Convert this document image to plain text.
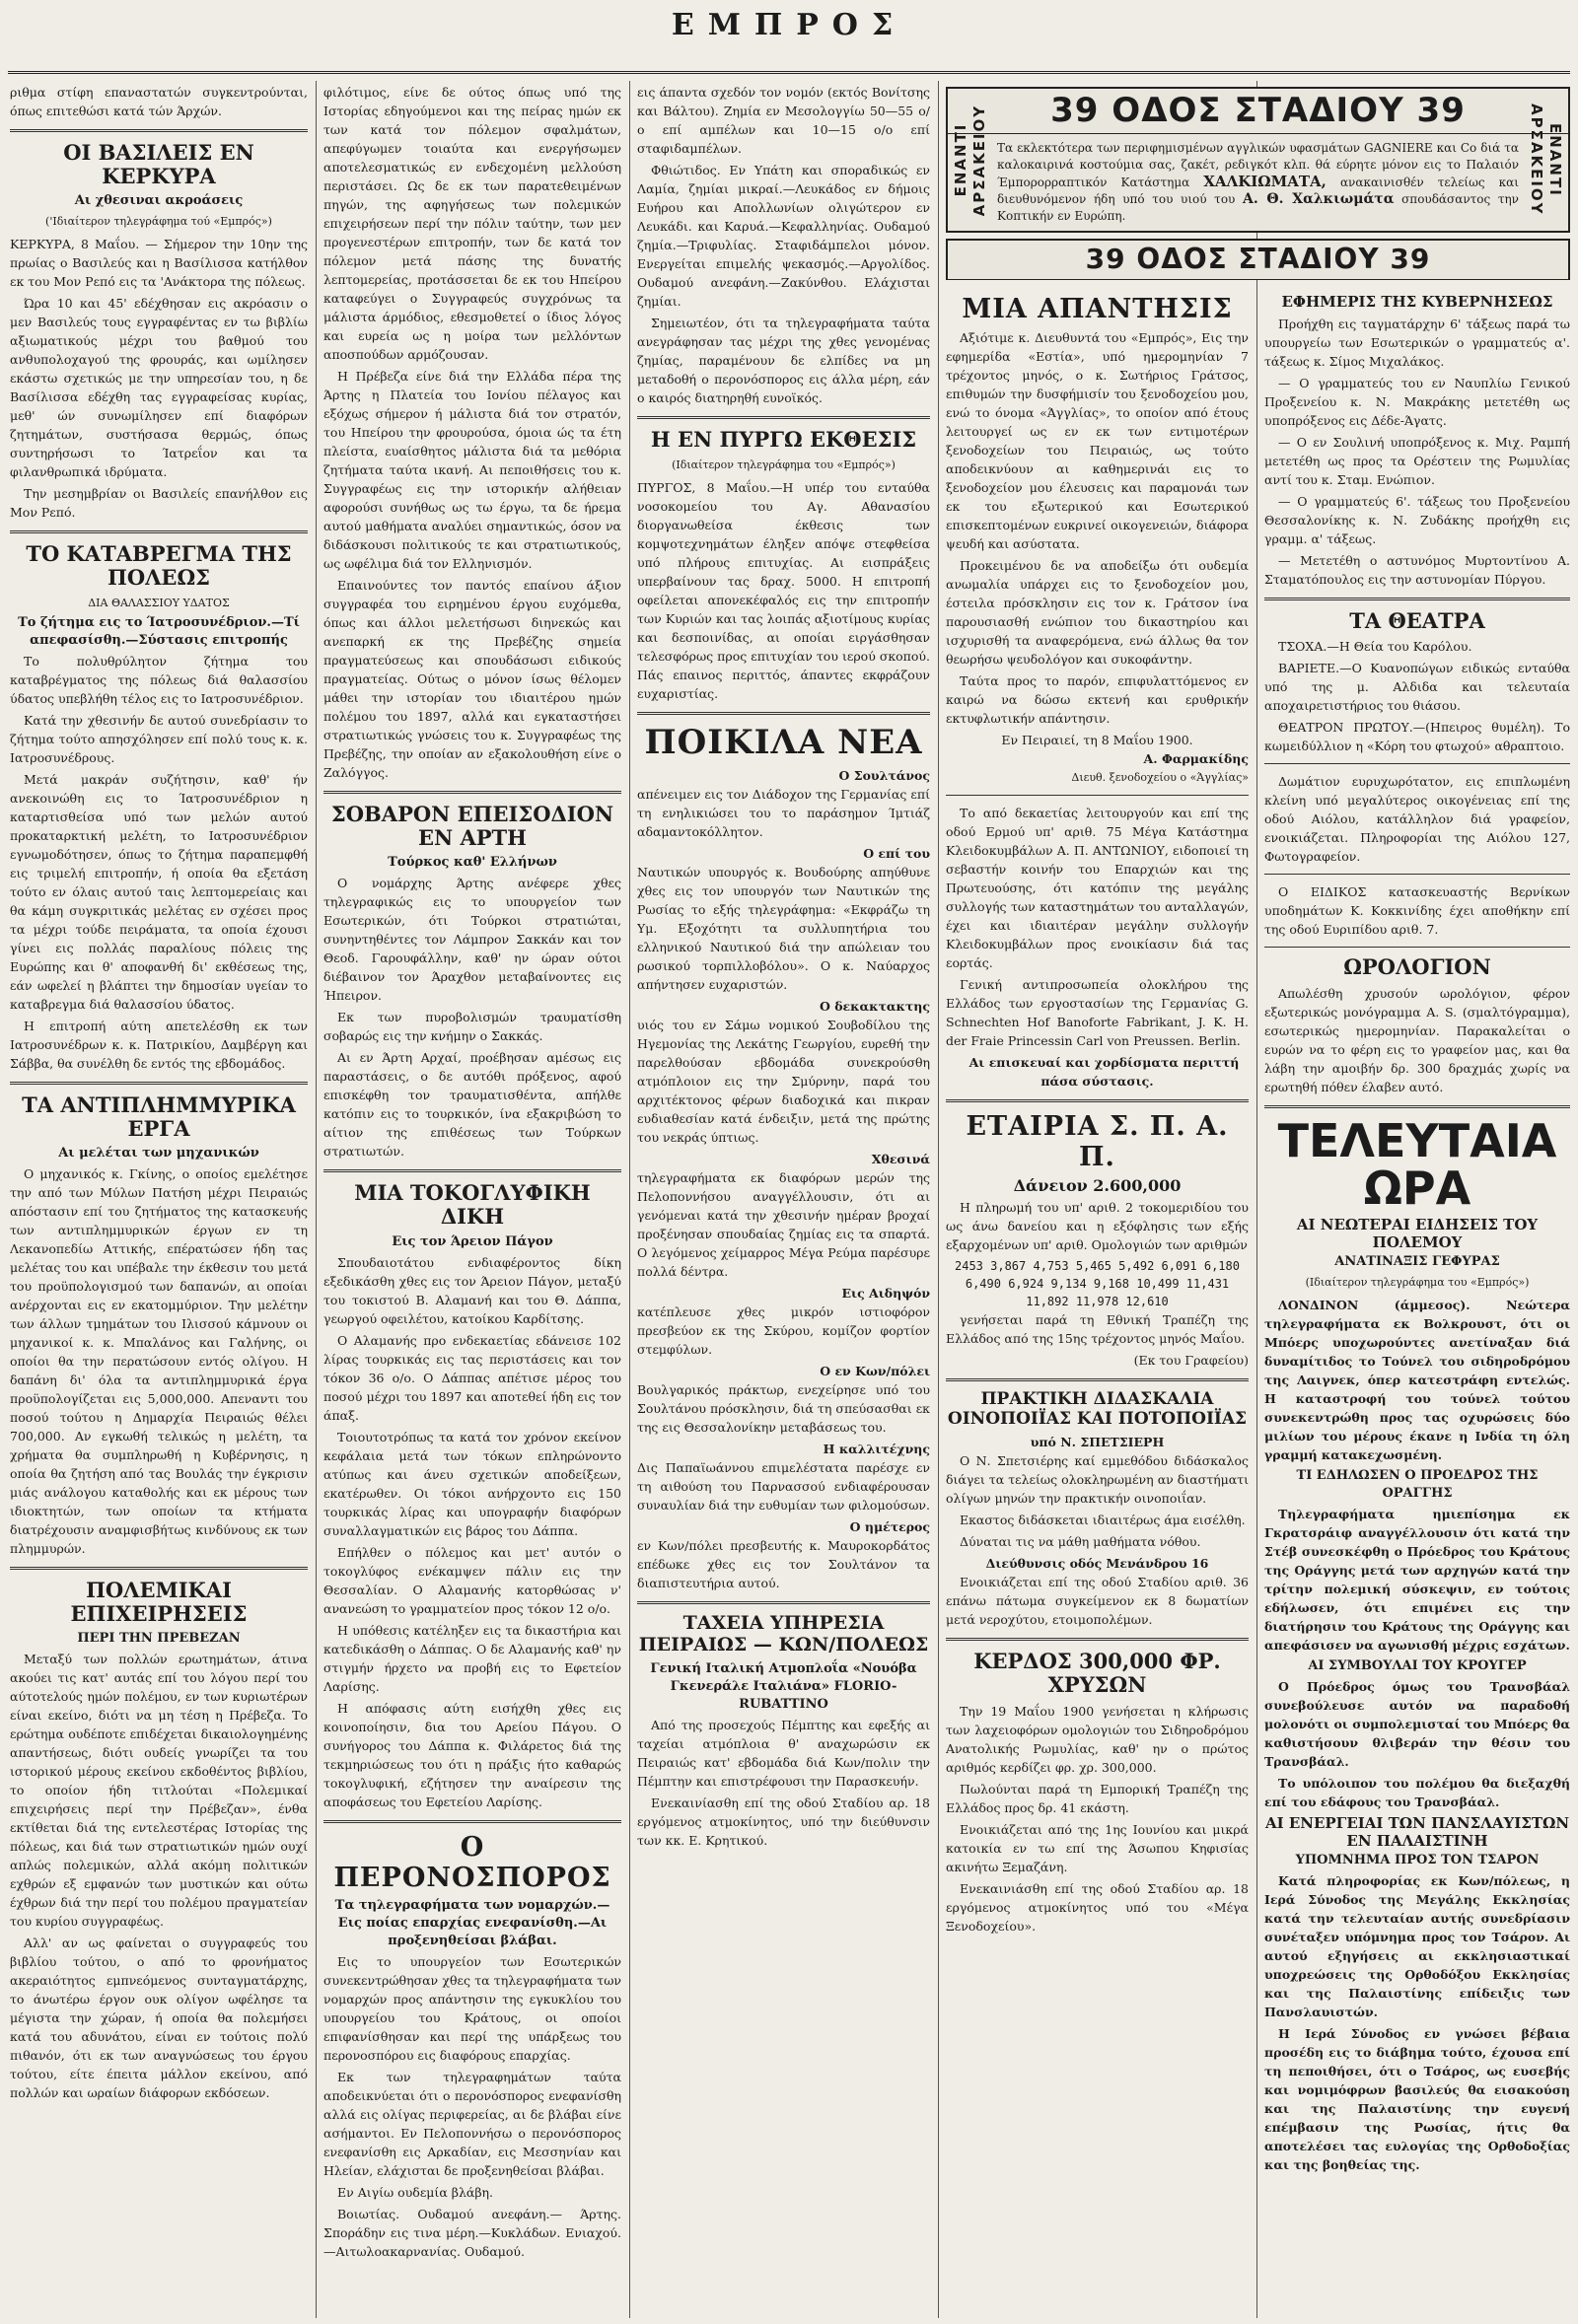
ΕΜΠΡΟΣ

ριθμα στίφη επαναστατών συγκεντρούνται, όπως επιτεθώσι κατά τών Άρχών.

ΟΙ ΒΑΣΙΛΕΙΣ ΕΝ ΚΕΡΚΥΡΑ
Αι χθεσιναι ακροάσεις
('Ιδιαίτερον τηλεγράφημα τού «Εμπρός»)

ΚΕΡΚΥΡΑ, 8 Μαΐου. — Σήμερον την 10ην της πρωίας ο Βασιλεύς και η Βασίλισσα κατήλθον εκ του Μον Ρεπό εις τα 'Ανάκτορα της πόλεως.

Ώρα 10 και 45' εδέχθησαν εις ακρόασιν ο μεν Βασιλεύς τους εγγραφέντας εν τω βιβλίω αξιωματικούς μέχρι του βαθμού του ανθυπολοχαγού της φρουράς, και ωμίλησεν εκάστω σχετικώς με την υπηρεσίαν του, η δε Βασίλισσα εδέχθη τας εγγραφείσας κυρίας, μεθ' ών συνωμίλησεν επί διαφόρων ζητημάτων, συστήσασα θερμώς, όπως συντηρήσωσι το Ίατρεΐον και τα φιλανθρωπικά ιδρύματα.

Την μεσημβρίαν οι Βασιλείς επανήλθον εις Μον Ρεπό.

ΤΟ ΚΑΤΑΒΡΕΓΜΑ ΤΗΣ ΠΟΛΕΩΣ
ΔΙΑ ΘΑΛΑΣΣΙΟΥ ΥΔΑΤΟΣ
Το ζήτημα εις το Ίατροσυνέδριον.—Τί απεφασίσθη.—Σύστασις επιτροπής

Το πολυθρύλητον ζήτημα του καταβρέγματος της πόλεως διά θαλασσίου ύδατος υπεβλήθη τέλος εις το Ιατροσυνέδριον.

Κατά την χθεσινήν δε αυτού συνεδρίασιν το ζήτημα τούτο απησχόλησεν επί πολύ τους κ. κ. Ιατροσυνέδρους.

Μετά μακράν συζήτησιν, καθ' ήν ανεκοινώθη εις το Ίατροσυνέδριον η καταρτισθείσα υπό των μελών αυτού προκαταρκτική μελέτη, το Ιατροσυνέδριον εγνωμοδότησεν, όπως το ζήτημα παραπεμφθή εις τριμελή επιτροπήν, ή οποία θα εξετάση τούτο εν όλαις αυτού ταις λεπτομερείαις και θα κάμη συγκριτικάς μελέτας εν σχέσει προς τα μέχρι τούδε πειράματα, τα οποία έχουσι γίνει εις πολλάς παραλίους πόλεις της Ευρώπης και θ' αποφανθή δι' εκθέσεως της, εάν ωφελεί η βλάπτει την δημοσίαν υγείαν το καταβρεγμα διά θαλασσίου ύδατος.

Η επιτροπή αύτη απετελέσθη εκ των Ιατροσυνέδρων κ. κ. Πατρικίου, Δαμβέργη και Σάββα, θα συνέλθη δε εντός της εβδομάδος.

ΤΑ ΑΝΤΙΠΛΗΜΜΥΡΙΚΑ ΕΡΓΑ
Αι μελέται των μηχανικών

Ο μηχανικός κ. Γκίνης, ο οποίος εμελέτησε την από των Μύλων Πατήση μέχρι Πειραιώς απόστασιν επί του ζητήματος της κατασκευής των αντιπλημμυρικών έργων εν τη Λεκανοπεδίω Αττικής, επέρατώσεν ήδη τας μελέτας του και υπέβαλε την έκθεσιν του μετά του προϋπολογισμού των δαπανών, αι οποίαι ανέρχονται εις εν εκατομμύριον. Την μελέτην των άλλων τμημάτων του Ιλισσού κάμνουν οι μηχανικοί κ. κ. Μπαλάνος και Γαλήνης, οι οποίοι θα την περατώσουν εντός ολίγου. Η δαπάνη δι' όλα τα αντιπλημμυρικά έργα προϋπολογίζεται εις 5,000,000. Απεναντι του ποσού τούτου η Δημαρχία Πειραιώς θέλει 700,000. Αν εγκωθή τελικώς η μελέτη, τα χρήματα θα συμπληρωθή η Κυβέρνησις, η οποία θα ζητήση από τας Βουλάς την έγκρισιν μιάς ανάλογου καταθολής και εκ μέρους των ιδιοκτητών, των οποίων τα κτήματα διατρέχουσιν αναμφισβήτως κινδύνους εκ των πλημμυρών.

ΠΟΛΕΜΙΚΑΙ ΕΠΙΧΕΙΡΗΣΕΙΣ
ΠΕΡΙ ΤΗΝ ΠΡΕΒΕΖΑΝ

Μεταξύ των πολλών ερωτημάτων, άτινα ακούει τις κατ' αυτάς επί του λόγου περί του αύτοτελούς ημών πολέμου, εν των κυριωτέρων είναι εκείνο, διότι να μη τέση η Πρέβεζα. Το ερώτημα ουδέποτε επιδέχεται δικαιολογημένης απαντήσεως, διότι ουδείς γνωρίζει τα του ιστορικού μέρους εκείνου εκδοθέντος βιβλίου, το οποίον ήδη τιτλούται «Πολεμικαί επιχειρήσεις περί την Πρέβεζαν», ένθα εκτίθεται διά της εντελεστέρας Ιστορίας της πόλεως, και διά των στρατιωτικών ημών ουχί απλώς πολεμικών, αλλά ακόμη πολιτικών εχθρών εξ εμφανών των μυστικών και ούτω έχθρων διά την περί του πολέμου πραγματείαν του κυρίου συγγραφέως.

Αλλ' αν ως φαίνεται ο συγγραφεύς του βιβλίου τούτου, ο από το φρονήματος ακεραιότητος εμπνεόμενος συνταγματάρχης, το άνωτέρω έργον ουκ ολίγον ωφέλησε τα μέγιστα την χώραν, ή οποία θα πολεμήσει κατά του αδυνάτου, είναι εν τούτοις πολύ πιθανόν, ότι εκ των αναγνώσεως του έργου τούτου, είτε έπειτα μάλλον εκείνου, από πολλών και ωραίων διάφορων εκδόσεων.

φιλότιμος, είνε δε ούτος όπως υπό της Ιστορίας εδηγούμενοι και της πείρας ημών εκ των κατά τον πόλεμον σφαλμάτων, απεφύγωμεν τοιαύτα και ενεργήσωμεν αποτελεσματικώς εν ενδεχομένη μελλούση περιστάσει. Ως δε εκ των παρατεθειμένων πηγών, της αφηγήσεως των πολεμικών επιχειρήσεων περί την πόλιν ταύτην, των μεν προγενεστέρων επιτροπήν, των δε κατά τον πόλεμον μετά πάσης της δυνατής λεπτομερείας, προτάσσεται δε εκ του Ηπείρου καταφεύγει ο Συγγραφεύς συγχρόνως τα μάλιστα άρμόδιος, εθεσμοθετεί ο ίδιος λόγος και ευρεία ως η μοίρα των μελλόντων αποσπούδων αρμόζουσαν.

Η Πρέβεζα είνε διά την Ελλάδα πέρα της Άρτης η Πλατεία του Ιονίου πέλαγος και εξόχως σήμερον ή μάλιστα διά τον στρατόν, του Ηπείρου την φρουρούσα, όμοια ώς τα έτη πλείστα, ευαίσθητος μάλιστα διά τα μεθόρια ζητήματα ταύτα ικανή. Αι πεποιθήσεις του κ. Συγγραφέως εις την ιστορικήν αλήθειαν αφορούσι συνήθως ως τω έργω, τα δε ήρεμα αυτού μαθήματα αναλύει σημαντικώς, όσον να διδάσκουσι πολιτικούς τε και στρατιωτικούς, ως ωφέλιμα διά τον Ελληνισμόν.

Επαινούντες τον παντός επαίνου άξιον συγγραφέα του ειρημένου έργου ευχόμεθα, όπως και άλλοι μελετήσωσι διηνεκώς και ανεπαρκή εκ της Πρεβέζης σημεία πραγματεύσεως και σπουδάσωσι ειδικούς πραγματείας. Ούτως ο μόνον ίσως θέλομεν μάθει την ιστορίαν του ιδιαιτέρου ημών πολέμου του 1897, αλλά και εγκαταστήσει στρατιωτικώς γνώσεις του κ. Συγγραφέως της Πρεβέζης, την οποίαν αν εξακολουθήση είνε ο Ζαλόγγος.

ΣΟΒΑΡΟΝ ΕΠΕΙΣΟΔΙΟΝ ΕΝ ΑΡΤΗ
Τούρκος καθ' Ελλήνων

Ο νομάρχης Άρτης ανέφερε χθες τηλεγραφικώς εις το υπουργείον των Εσωτερικών, ότι Τούρκοι στρατιώται, συνηντηθέντες τον Λάμπρον Σακκάν και τον Θεοδ. Γαρουφάλλην, καθ' ην ώραν ούτοι διέβαινον τον Άραχθον μεταβαίνοντες εις Ήπειρον.

Εκ των πυροβολισμών τραυματίσθη σοβαρώς εις την κνήμην ο Σακκάς.

Αι εν Άρτη Αρχαί, προέβησαν αμέσως εις παραστάσεις, ο δε αυτόθι πρόξενος, αφού επισκέφθη τον τραυματισθέντα, απήλθε κατόπιν εις το τουρκικόν, ίνα εξακριβώση το αίτιον της επιθέσεως των Τούρκων στρατιωτών.

ΜΙΑ ΤΟΚΟΓΛΥΦΙΚΗ ΔΙΚΗ
Εις τον Άρειον Πάγον

Σπουδαιοτάτου ενδιαφέροντος δίκη εξεδικάσθη χθες εις τον Άρειον Πάγον, μεταξύ του τοκιστού Β. Αλαμανή και του Θ. Δάππα, γεωργού οφειλέτου, κατοίκου Καρδίτσης.

Ο Αλαμανής προ ενδεκαετίας εδάνεισε 102 λίρας τουρκικάς εις τας περιστάσεις και τον τόκον 36 ο/ο. Ο Δάππας απέτισε μέρος του ποσού μέχρι του 1897 και αποτεθεί ήδη εις τον άπαξ.

Τοιουτοτρόπως τα κατά τον χρόνον εκείνον κεφάλαια μετά των τόκων επληρώνοντο ατύπως και άνευ σχετικών αποδείξεων, εκατέρωθεν. Οι τόκοι ανήρχοντο εις 150 τουρκικάς λίρας και υπογραφήν διαφόρων συναλλαγματικών εις βάρος του Δάππα.

Επήλθεν ο πόλεμος και μετ' αυτόν ο τοκογλύφος ενέκαμψεν πάλιν εις την Θεσσαλίαν. Ο Αλαμανής κατορθώσας ν' ανανεώση το γραμματείον προς τόκον 12 ο/ο.

Η υπόθεσις κατέληξεν εις τα δικαστήρια και κατεδικάσθη ο Δάππας. Ο δε Αλαμανής καθ' ην στιγμήν ήρχετο να προβή εις το Εφετείον Λαρίσης.

Η απόφασις αύτη εισήχθη χθες εις κοινοποίησιν, δια του Αρείου Πάγου. Ο συνήγορος του Δάππα κ. Φιλάρετος διά της τεκμηριώσεως του ότι η πράξις ήτο καθαρώς τοκογλυφική, εζήτησεν την αναίρεσιν της αποφάσεως του Εφετείου Λαρίσης.

Ο ΠΕΡΟΝΟΣΠΟΡΟΣ
Τα τηλεγραφήματα των νομαρχών.—Εις ποίας επαρχίας ενεφανίσθη.—Αι προξενηθείσαι βλάβαι.

Εις το υπουργείον των Εσωτερικών συνεκεντρώθησαν χθες τα τηλεγραφήματα των νομαρχών προς απάντησιν της εγκυκλίου του υπουργείου του Κράτους, οι οποίοι επιφανίσθησαν και περί της υπάρξεως του περονοσπόρου εις διαφόρους επαρχίας.

Εκ των τηλεγραφημάτων ταύτα αποδεικνύεται ότι ο περονόσπορος ενεφανίσθη αλλά εις ολίγας περιφερείας, αι δε βλάβαι είνε ασήμαντοι. Εν Πελοποννήσω ο περονόσπορος ενεφανίσθη εις Αρκαδίαν, εις Μεσσηνίαν και Ηλείαν, ελάχισται δε προξενηθείσαι βλάβαι.

Εν Αιγίω ουδεμία βλάβη.

Βοιωτίας. Ουδαμού ανεφάνη.— Άρτης. Σποράδην εις τινα μέρη.—Κυκλάδων. Ενιαχού.—Αιτωλοακαρνανίας. Ουδαμού.

εις άπαντα σχεδόν τον νομόν (εκτός Βονίτσης και Βάλτου). Ζημία εν Μεσολογγίω 50—55 ο/ο επί αμπέλων και 10—15 ο/ο επί σταφιδαμπέλων.

Φθιώτιδος. Εν Υπάτη και σποραδικώς εν Λαμία, ζημίαι μικραί.—Λευκάδος εν δήμοις Ευήρου και Απολλωνίων ολιγώτερον εν Λευκάδι. και Καρυά.—Κεφαλληνίας. Ουδαμού ζημία.—Τριφυλίας. Σταφιδάμπελοι μόνον. Ενεργείται επιμελής ψεκασμός.—Αργολίδος. Ουδαμού ανεφάνη.—Ζακύνθου. Ελάχισται ζημίαι.

Σημειωτέον, ότι τα τηλεγραφήματα ταύτα ανεγράφησαν τας μέχρι της χθες γενομένας ζημίας, παραμένουν δε ελπίδες να μη μεταδοθή ο περονόσπορος εις άλλα μέρη, εάν ο καιρός διατηρηθή ευνοϊκός.

Η ΕΝ ΠΥΡΓΩ ΕΚΘΕΣΙΣ
(Ιδιαίτερον τηλεγράφημα του «Εμπρός»)

ΠΥΡΓΟΣ, 8 Μαΐου.—Η υπέρ του ενταύθα νοσοκομείου του Αγ. Αθανασίου διοργανωθείσα έκθεσις των κομψοτεχνημάτων έληξεν απόψε στεφθείσα υπό πλήρους επιτυχίας. Αι εισπράξεις υπερβαίνουν τας δραχ. 5000. Η επιτροπή οφείλεται απονεκέφαλός εις την επιτροπήν των Κυριών και τας λοιπάς αξιοτίμους κυρίας και δεσποινίδας, αι οποίαι ειργάσθησαν τελεσφόρως προς επιτυχίαν του ιερού σκοπού. Πάς επαινος περιττός, άπαντες εκφράζουν ευχαριστίας.

ΠΟΙΚΙΛΑ ΝΕΑ
Ο Σουλτάνος

απένειμεν εις τον Διάδοχον της Γερμανίας επί τη ενηλικιώσει του το παράσημον Ίμτιάζ αδαμαντοκόλλητον.

Ο επί του

Ναυτικών υπουργός κ. Βουδούρης απηύθυνε χθες εις τον υπουργόν των Ναυτικών της Ρωσίας το εξής τηλεγράφημα: «Εκφράζω τη Υμ. Εξοχότητι τα συλλυπητήρια του ελληνικού Ναυτικού διά την απώλειαν του ρωσικού τορπιλλοβόλου». Ο κ. Ναύαρχος απήντησεν ευχαριστών.

Ο δεκακτακτης

υιός του εν Σάμω νομικού Σουβοδίλου της Ηγεμονίας της Λεκάτης Γεωργίου, ευρεθή την παρελθούσαν εβδομάδα συνεκρούσθη ατμόπλοιον εις την Σμύρνην, παρά του αρχιτέκτονος φέρων διαδοχικά και πικραν ευδιαθεσίαν κατά ένδειξιν, μετά της πρώτης του νεκράς ύπτιως.

Χθεσινά

τηλεγραφήματα εκ διαφόρων μερών της Πελοποννήσου αναγγέλλουσιν, ότι αι γενόμεναι κατά την χθεσινήν ημέραν βροχαί προξένησαν σπουδαίας ζημίας εις τα σπαρτά. Ο λεγόμενος χείμαρρος Μέγα Ρεύμα παρέσυρε πολλά δέντρα.

Εις Αιδηψόν

κατέπλευσε χθες μικρόν ιστιοφόρον πρεσβεύον εκ της Σκύρου, κομίζον φορτίον στεμφύλων.

Ο εν Κων/πόλει

Βουλγαρικός πράκτωρ, ενεχείρησε υπό του Σουλτάνου πρόσκλησιν, διά τη σπεύσασθαι εκ της εις Θεσσαλονίκην μεταβάσεως του.

Η καλλιτέχνης

Δις Παπαϊωάννου επιμελέστατα παρέσχε εν τη αιθούση του Παρνασσού ενδιαφέρουσαν συναυλίαν διά την ευθυμίαν των φιλομούσων.

Ο ημέτερος

εν Κων/πόλει πρεσβευτής κ. Μαυροκορδάτος επέδωκε χθες εις τον Σουλτάνον τα διαπιστευτήρια αυτού.

ΤΑΧΕΙΑ ΥΠΗΡΕΣΙΑ ΠΕΙΡΑΙΩΣ — ΚΩΝ/ΠΟΛΕΩΣ
Γενική Ιταλική Ατμοπλοΐα «Νουόβα Γκενεράλε Ιταλιάνα» FLORIO-RUBATTINO

Από της προσεχούς Πέμπτης και εφεξής αι ταχείαι ατμόπλοια θ' αναχωρώσιν εκ Πειραιώς κατ' εβδομάδα διά Κων/πολιν την Πέμπτην και επιστρέφουσι την Παρασκευήν.

Ενεκαινίασθη επί της οδού Σταδίου αρ. 18 εργόμενος ατμοκίνητος, υπό την διεύθυνσιν των κκ. Ε. Κρητικού.

ΕΝΑΝΤΙ ΑΡΣΑΚΕΙΟΥ	ΕΝΑΝΤΙ ΑΡΣΑΚΕΙΟΥ
39 ΟΔΟΣ ΣΤΑΔΙΟΥ 39
Τα εκλεκτότερα των περιφημισμένων αγγλικών υφασμάτων GAGNIERE και Co διά τα καλοκαιρινά κοστούμια σας, ζακέτ, ρεδιγκότ κλπ. θά εύρητε μόνον εις το Παλαιόν Έμπορορραπτικόν Κατάστημα ΧΑΛΚΙΩΜΑΤΑ, ανακαινισθέν τελείως και διευθυνόμενον ήδη υπό του υιού του Α. Θ. Χαλκιωμάτα σπουδάσαντος την Κοπτικήν εν Ευρώπη.
39 ΟΔΟΣ ΣΤΑΔΙΟΥ 39
ΜΙΑ ΑΠΑΝΤΗΣΙΣ

Αξιότιμε κ. Διευθυντά του «Εμπρός», Εις την εφημερίδα «Εστία», υπό ημερομηνίαν 7 τρέχοντος μηνός, ο κ. Σωτήριος Γράτσος, επιθυμών την δυσφήμισίν του ξενοδοχείου μου, ενώ το όνομα «Άγγλίας», το οποίον από έτους λειτουργεί ως εν εκ των εντιμοτέρων ξενοδοχείων του Πειραιώς, ως τούτο αποδεικνύουν αι καθημερινάι εις το ξενοδοχείον μου έλευσεις και παραμονάι των εκ του εξωτερικού και Εσωτερικού επισκεπτομένων ευκρινεί οικογενειών, διάφορα ψευδή και ασύστατα.

Προκειμένου δε να αποδείξω ότι ουδεμία ανωμαλία υπάρχει εις το ξενοδοχείον μου, έστειλα πρόσκλησιν εις τον κ. Γράτσον ίνα παρουσιασθή ενώπιον του δικαστηρίου και ισχυρισθή τα αναφερόμενα, ενώ άλλως θα τον θεωρήσω ψευδολόγον και συκοφάντην.

Ταύτα προς το παρόν, επιφυλαττόμενος εν καιρώ να δώσω εκτενή και ερυθρικήν εκτυφλωτικήν απάντησιν.

Εν Πειραιεί, τη 8 Μαΐου 1900.
Α. Φαρμακίδης
Διευθ. ξενοδοχείου ο «Άγγλίας»

Το από δεκαετίας λειτουργούν και επί της οδού Ερμού υπ' αριθ. 75 Μέγα Κατάστημα Κλειδοκυμβάλων Α. Π. ΑΝΤΩΝΙΟΥ, ειδοποιεί τη σεβαστήν κοινήν του Επαρχιών και της Πρωτευούσης, ότι κατόπιν της μεγάλης συλλογής των καταστημάτων του ανταλλαγών, έχει και ιδιαιτέραν μεγάλην συλλογήν Κλειδοκυμβάλων προς ενοικίασιν διά τας εορτάς.

Γενική αντιπροσωπεία ολοκλήρου της Ελλάδος των εργοστασίων της Γερμανίας G. Schnechten Hof Banoforte Fabrikant, J. K. H. der Fraie Princessin Carl von Preussen. Berlin.

Αι επισκευαί και χορδίσματα περιττή πάσα σύστασις.

ΕΤΑΙΡΙΑ Σ. Π. Α. Π.
Δάνειον 2.600,000

Η πληρωμή του υπ' αριθ. 2 τοκομεριδίου του ως άνω δανείου και η εξόφλησις των εξής εξαρχομένων υπ' αριθ. Ομολογιών των αριθμών

2453 3,867 4,753 5,465 5,492 6,091 6,180 6,490 6,924 9,134 9,168 10,499 11,431 11,892 11,978 12,610

γενήσεται παρά τη Εθνική Τραπέζη της Ελλάδος από της 15ης τρέχοντος μηνός Μαΐου.

(Εκ του Γραφείου)
ΠΡΑΚΤΙΚΗ ΔΙΔΑΣΚΑΛΙΑ ΟΙΝΟΠΟΙΪΑΣ ΚΑΙ ΠΟΤΟΠΟΙΪΑΣ
υπό Ν. ΣΠΕΤΣΙΕΡΗ

Ο Ν. Σπετσιέρης καί εμμεθόδου διδάσκαλος διάγει τα τελείως ολοκληρωμένη αν διαστήματι ολίγων μηνών την πρακτικήν οινοποιΐαν.

Εκαστος διδάσκεται ιδιαιτέρως άμα εισέλθη.

Δύναται τις να μάθη μαθήματα νόθου.

Διεύθυνσις οδός Μενάνδρου 16

Ενοικιάζεται επί της οδού Σταδίου αριθ. 36 επάνω πάτωμα συγκείμενον εκ 8 δωματίων μετά νεροχύτου, ετοιμοπολέμων.

ΚΕΡΔΟΣ 300,000 ΦΡ. ΧΡΥΣΩΝ

Την 19 Μαΐου 1900 γενήσεται η κλήρωσις των λαχειοφόρων ομολογιών του Σιδηροδρόμου Ανατολικής Ρωμυλίας, καθ' ην ο πρώτος αριθμός κερδίζει φρ. χρ. 300,000.

Πωλούνται παρά τη Εμπορική Τραπέζη της Ελλάδος προς δρ. 41 εκάστη.

Ενοικιάζεται από της 1ης Ιουνίου και μικρά κατοικία εν τω επί της Άσωπου Κηφισίας ακινήτω Ξεμαζάνη.

Ενεκαινιάσθη επί της οδού Σταδίου αρ. 18 εργόμενος ατμοκίνητος υπό του «Μέγα Ξενοδοχείου».

ΕΦΗΜΕΡΙΣ ΤΗΣ ΚΥΒΕΡΝΗΣΕΩΣ

Προήχθη εις ταγματάρχην 6' τάξεως παρά τω υπουργείω των Εσωτερικών ο γραμματεύς α'. τάξεως κ. Σίμος Μιχαλάκος.

— Ο γραμματεύς του εν Ναυπλίω Γενικού Προξενείου κ. Ν. Μακράκης μετετέθη ως υποπρόξενος εις Δέδε-Άγατς.

— Ο εν Σουλινή υποπρόξενος κ. Μιχ. Ραμπή μετετέθη ως προς τα Ορέστειν της Ρωμυλίας αντί του κ. Σταμ. Ενώπιον.

— Ο γραμματεύς 6'. τάξεως του Προξενείου Θεσσαλονίκης κ. Ν. Ζυδάκης προήχθη εις γραμμ. α' τάξεως.

— Μετετέθη ο αστυνόμος Μυρτοντίνου Α. Σταματόπουλος εις την αστυνομίαν Πύργου.

ΤΑ ΘΕΑΤΡΑ

ΤΣΟΧΑ.—Η Θεία του Καρόλου.

ΒΑΡΙΕΤΕ.—Ο Κυανοπώγων ειδικώς ενταύθα υπό της μ. Αλδιδα και τελευταία αποχαιρετιστήριος του θιάσου.

ΘΕΑΤΡΟΝ ΠΡΩΤΟΥ.—(Ηπειρος θυμέλη). Το κωμειδύλλιον η «Κόρη του φτωχού» αθραπτοιο.

Δωμάτιον ευρυχωρότατον, εις επιπλωμένη κλείνη υπό μεγαλύτερος οικογένειας επί της οδού Αιόλου, κατάλληλον διά γραφείον, ενοικιάζεται. Πληροφορίαι της Αιόλου 127, Φωτογραφείον.

Ο ΕΙΔΙΚΟΣ κατασκευαστής Βερνίκων υποδημάτων Κ. Κοκκινίδης έχει αποθήκην επί της οδού Ευριπίδου αριθ. 7.

ΩΡΟΛΟΓΙΟΝ

Απωλέσθη χρυσούν ωρολόγιον, φέρον εξωτερικώς μονόγραμμα Α. S. (σμαλτόγραμμα), εσωτερικώς ημερομηνίαν. Παρακαλείται ο ευρών να το φέρη εις το γραφείον μας, και θα λάβη την αμοιβήν δρ. 300 δραχμάς χωρίς να ερωτηθή πόθεν έλαβεν αυτό.

ΤΕΛΕΥΤΑΙΑ ΩΡΑ
ΑΙ ΝΕΩΤΕΡΑΙ ΕΙΔΗΣΕΙΣ ΤΟΥ ΠΟΛΕΜΟΥ
ΑΝΑΤΙΝΑΞΙΣ ΓΕΦΥΡΑΣ
(Ιδιαίτερον τηλεγράφημα του «Εμπρός»)

ΛΟΝΔΙΝΟΝ (άμμεσος). Νεώτερα τηλεγραφήματα εκ Βολκρουστ, ότι οι Μπόερς υποχωρούντες ανετίναξαν διά δυναμίτιδος το Τούνελ του σιδηροδρόμου της Λαιγνεκ, όπερ κατεστράφη εντελώς. Η καταστροφή του τούνελ τούτου συνεκεντρώθη προς τας οχυρώσεις δύο μιλίων του μέρους έκανε η Ινδία τη όλη γραμμή κατακεχωσμένη.

ΤΙ ΕΔΗΛΩΣΕΝ Ο ΠΡΟΕΔΡΟΣ ΤΗΣ ΟΡΑΓΓΗΣ

Τηλεγραφήματα ημιεπίσημα εκ Γκρατσράιφ αναγγέλλουσιν ότι κατά την Στέβ συνεσκέφθη ο Πρόεδρος του Κράτους της Οράγγης μετά των αρχηγών κατά την τρίτην πολεμική σύσκεψιν, εν τούτοις εδήλωσεν, ότι επιμένει εις την διατήρησιν του Κράτους της Οράγγης και απεφάσισεν να αγωνισθή μέχρις εσχάτων.

ΑΙ ΣΥΜΒΟΥΛΑΙ ΤΟΥ ΚΡΟΥΓΕΡ

Ο Πρόεδρος όμως του Τρανσβάαλ συνεβούλευσε αυτόν να παραδοθή μολονότι οι συμπολεμισταί του Μπόερς θα καθιστήσουν θλιβεράν την θέσιν του Τρανσβάαλ.

Το υπόλοιπον του πολέμου θα διεξαχθή επί του εδάφους του Τρανσβάαλ.

ΑΙ ΕΝΕΡΓΕΙΑΙ ΤΩΝ ΠΑΝΣΛΑΥΙΣΤΩΝ ΕΝ ΠΑΛΑΙΣΤΙΝΗ
ΥΠΟΜΝΗΜΑ ΠΡΟΣ ΤΟΝ ΤΣΑΡΟΝ

Κατά πληροφορίας εκ Κων/πόλεως, η Ιερά Σύνοδος της Μεγάλης Εκκλησίας κατά την τελευταίαν αυτής συνεδρίασιν συνέταξεν υπόμνημα προς τον Τσάρον. Αι αυτού εξηγήσεις αι εκκλησιαστικαί υποχρεώσεις της Ορθοδόξου Εκκλησίας και της Παλαιστίνης επίδειξις των Πανσλαυιστών.

Η Ιερά Σύνοδος εν γνώσει βέβαια προσέδη εις το διάβημα τούτο, έχουσα επί τη πεποιθήσει, ότι ο Τσάρος, ως ευσεβής και νομιμόφρων βασιλεύς θα εισακούση και της Παλαιστίνης την ευγενή επέμβασιν της Ρωσίας, ήτις θα αποτελέσει τας ευλογίας της Ορθοδοξίας και της βοηθείας της.
